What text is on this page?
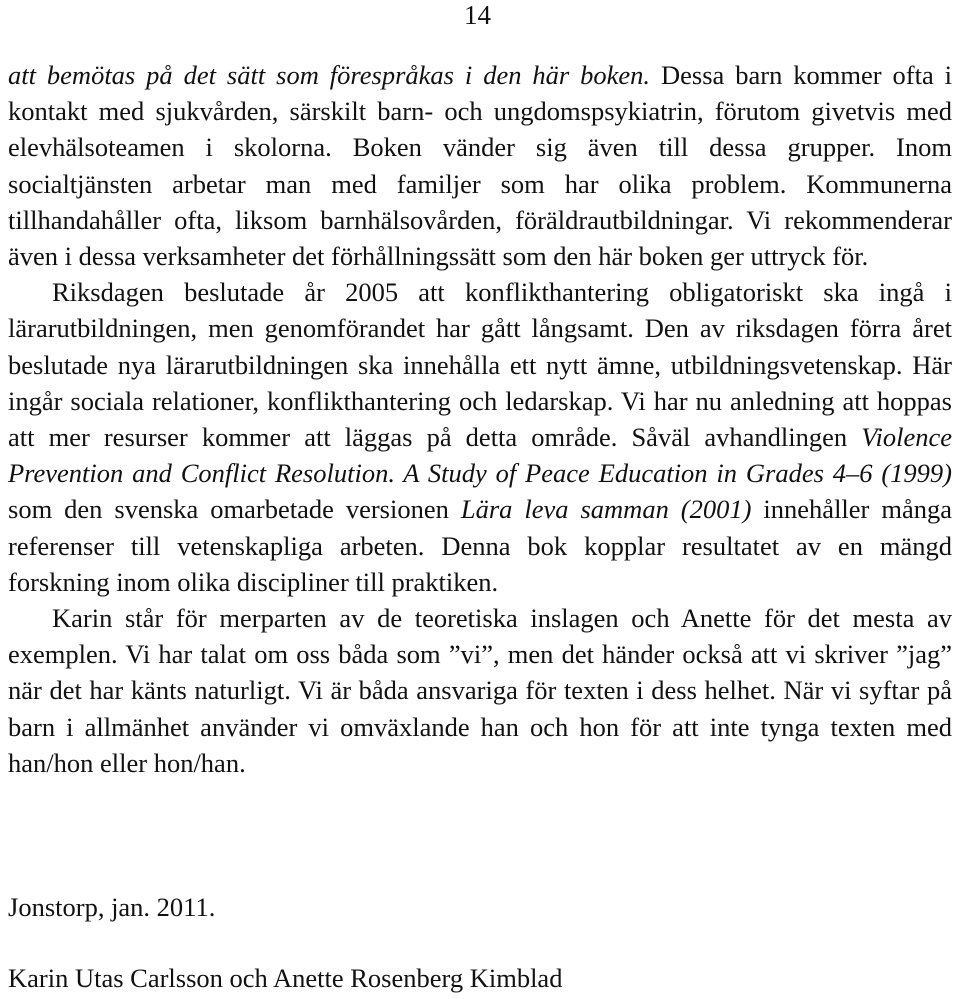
14

att bemötas på det sätt som förespråkas i den här boken. Dessa barn kommer ofta i kontakt med sjukvården, särskilt barn- och ungdomspsykiatrin, förutom givetvis med elevhälsoteamen i skolorna. Boken vänder sig även till dessa grupper. Inom socialtjänsten arbetar man med familjer som har olika problem. Kommunerna tillhandahåller ofta, liksom barnhälsovården, föräldrautbildningar. Vi rekommenderar även i dessa verksamheter det förhållningssätt som den här boken ger uttryck för.

Riksdagen beslutade år 2005 att konflikthantering obligatoriskt ska ingå i lärarutbildningen, men genomförandet har gått långsamt. Den av riksdagen förra året beslutade nya lärarutbildningen ska innehålla ett nytt ämne, utbildningsvetenskap. Här ingår sociala relationer, konflikthantering och ledarskap. Vi har nu anledning att hoppas att mer resurser kommer att läggas på detta område. Såväl avhandlingen Violence Prevention and Conflict Resolution. A Study of Peace Education in Grades 4–6 (1999) som den svenska omarbetade versionen Lära leva samman (2001) innehåller många referenser till vetenskapliga arbeten. Denna bok kopplar resultatet av en mängd forskning inom olika discipliner till praktiken.

Karin står för merparten av de teoretiska inslagen och Anette för det mesta av exemplen. Vi har talat om oss båda som ”vi”, men det händer också att vi skriver ”jag” när det har känts naturligt. Vi är båda ansvariga för texten i dess helhet. När vi syftar på barn i allmänhet använder vi omväxlande han och hon för att inte tynga texten med han/hon eller hon/han.

Jonstorp, jan. 2011.

Karin Utas Carlsson och Anette Rosenberg Kimblad
